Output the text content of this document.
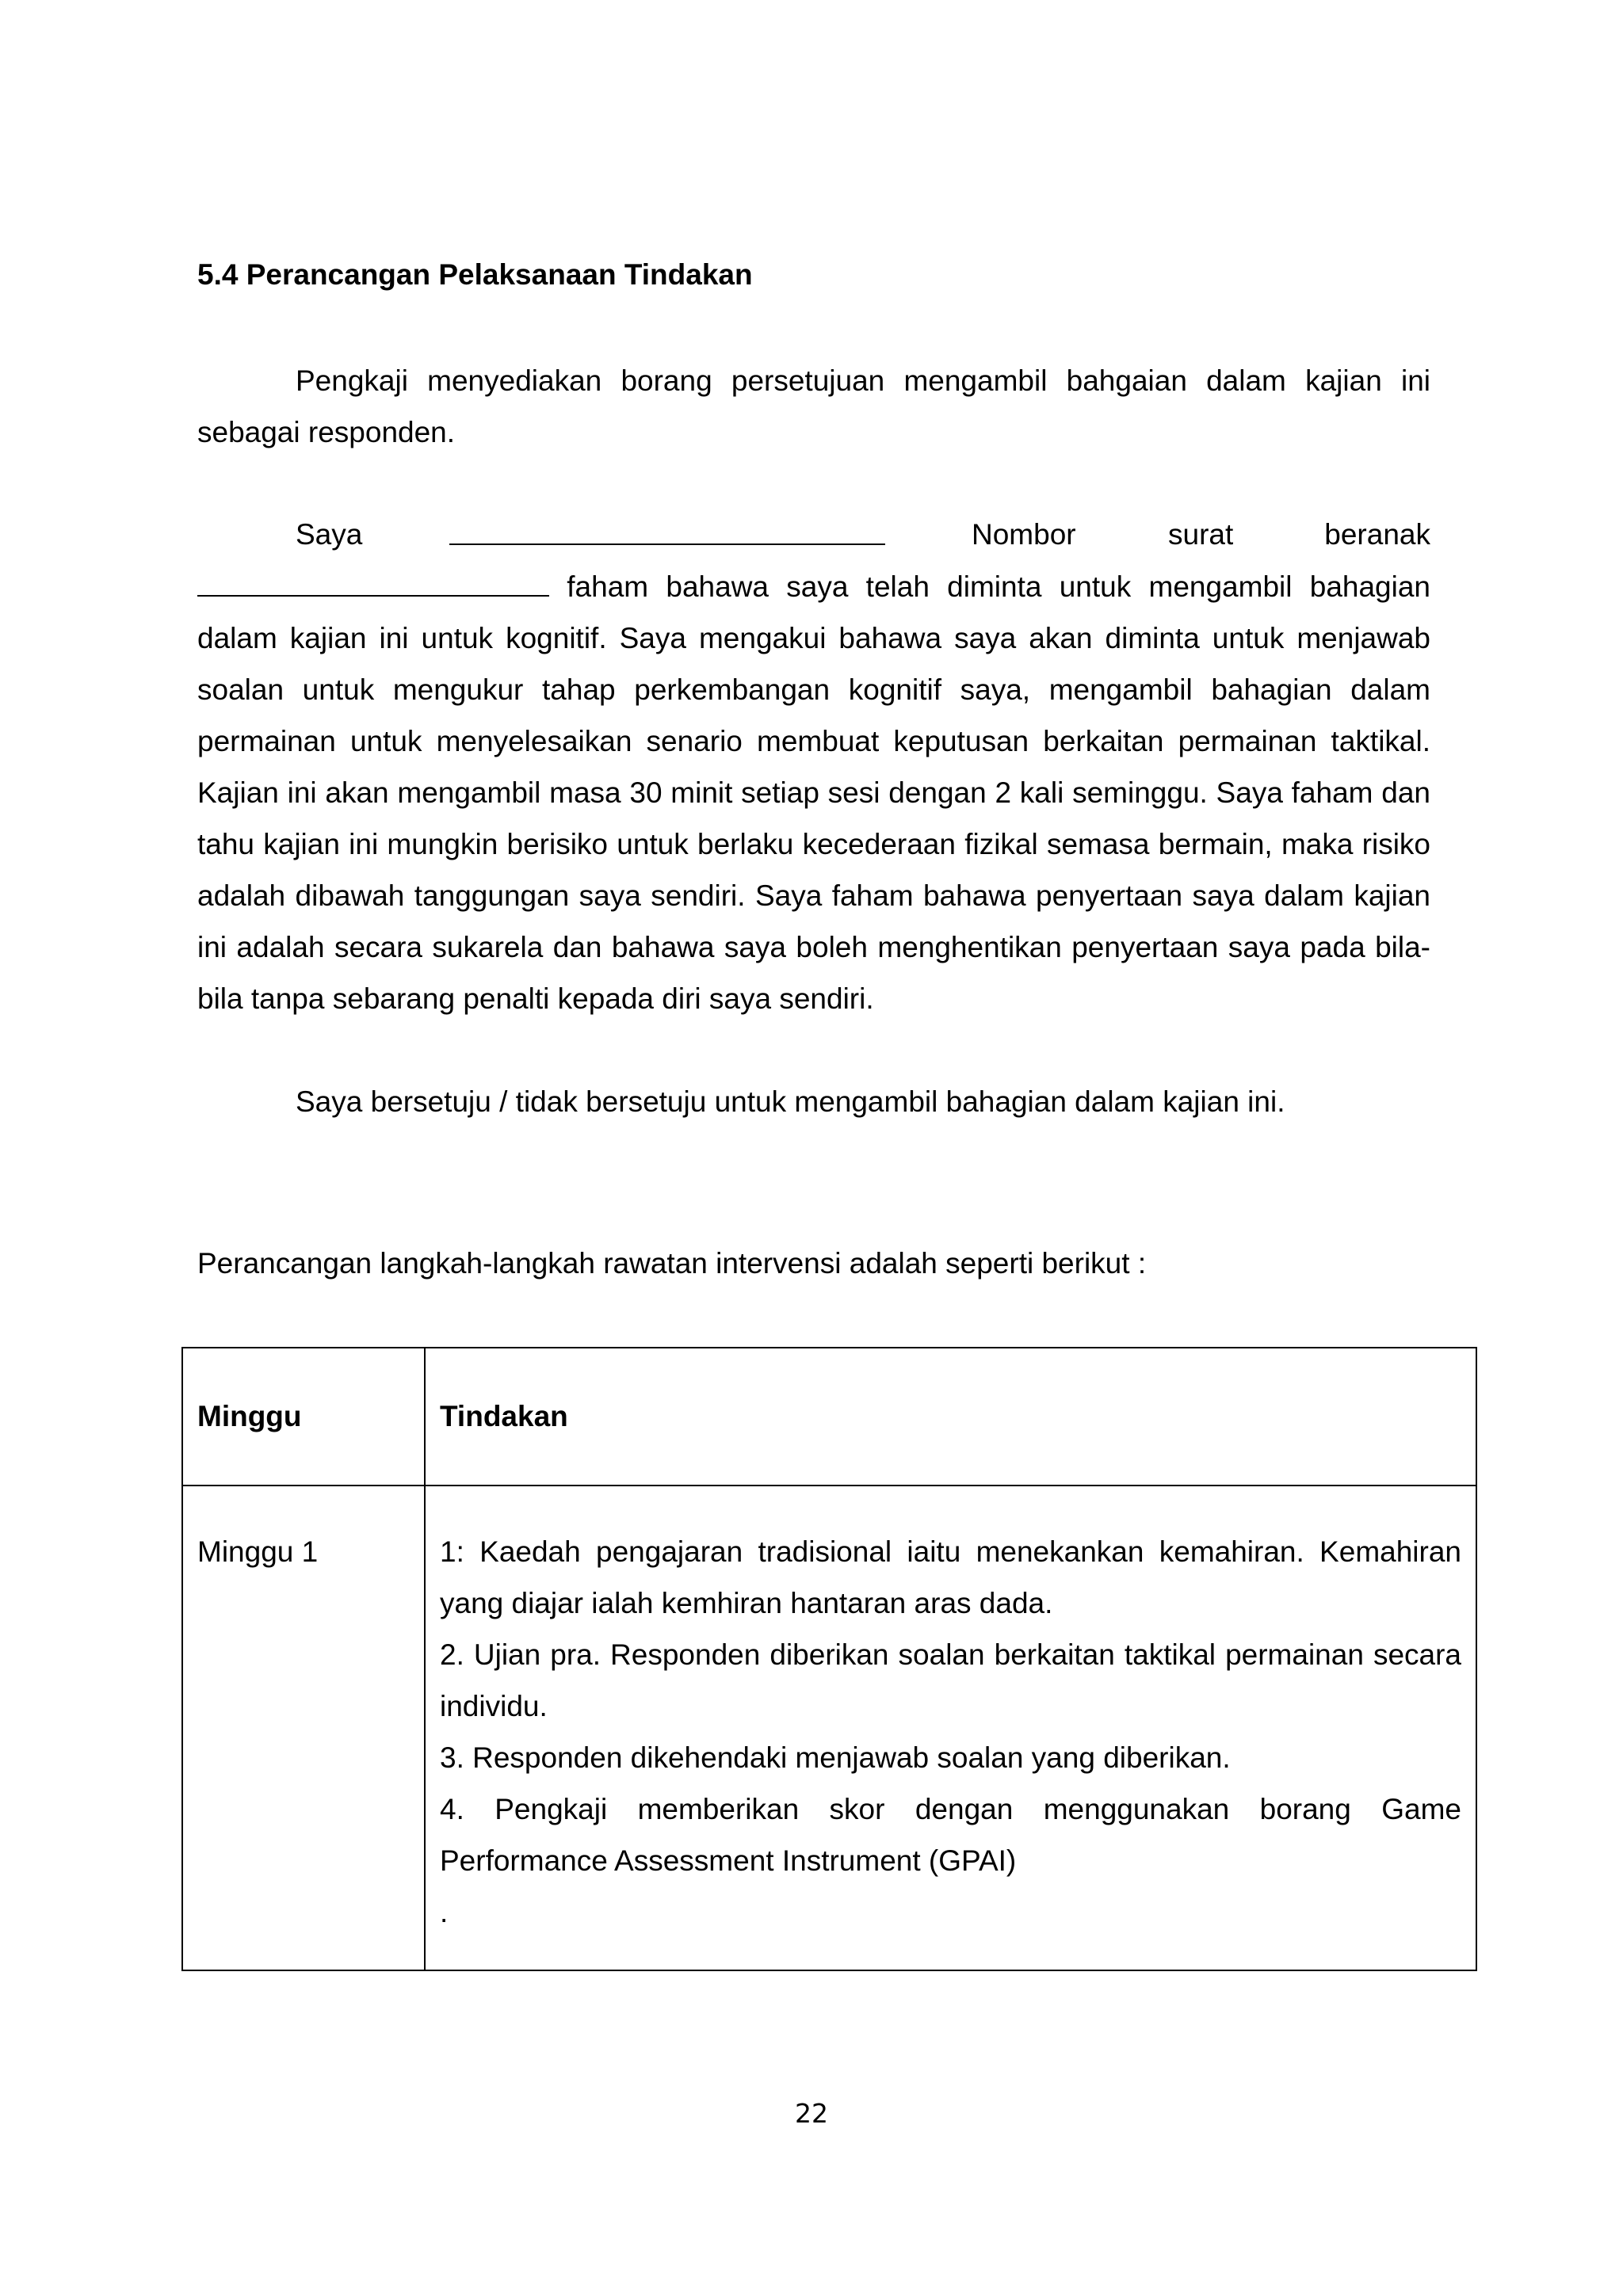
5.4 Perancangan Pelaksanaan Tindakan
Pengkaji menyediakan borang persetujuan mengambil bahgaian dalam kajian ini sebagai responden.
Saya	Nombor	surat	beranak
faham bahawa saya telah diminta untuk mengambil bahagian dalam kajian ini untuk kognitif. Saya mengakui bahawa saya akan diminta untuk menjawab soalan untuk mengukur tahap perkembangan kognitif saya, mengambil bahagian dalam permainan untuk menyelesaikan senario membuat keputusan berkaitan permainan taktikal. Kajian ini akan mengambil masa 30 minit setiap sesi dengan 2 kali seminggu. Saya faham dan tahu kajian ini mungkin berisiko untuk berlaku kecederaan fizikal semasa bermain, maka risiko adalah dibawah tanggungan saya sendiri. Saya faham bahawa penyertaan saya dalam kajian ini adalah secara sukarela dan bahawa saya boleh menghentikan penyertaan saya pada bila-bila tanpa sebarang penalti kepada diri saya sendiri.
Saya bersetuju / tidak bersetuju untuk mengambil bahagian dalam kajian ini.
Perancangan langkah-langkah rawatan intervensi adalah seperti berikut :
Minggu	Tindakan
Minggu 1	1: Kaedah pengajaran tradisional iaitu menekankan kemahiran. Kemahiran yang diajar ialah kemhiran hantaran aras dada.
2. Ujian pra. Responden diberikan soalan berkaitan taktikal permainan secara individu.
3. Responden dikehendaki menjawab soalan yang diberikan.
4. Pengkaji memberikan skor dengan menggunakan borang Game Performance Assessment Instrument (GPAI)
.
22
